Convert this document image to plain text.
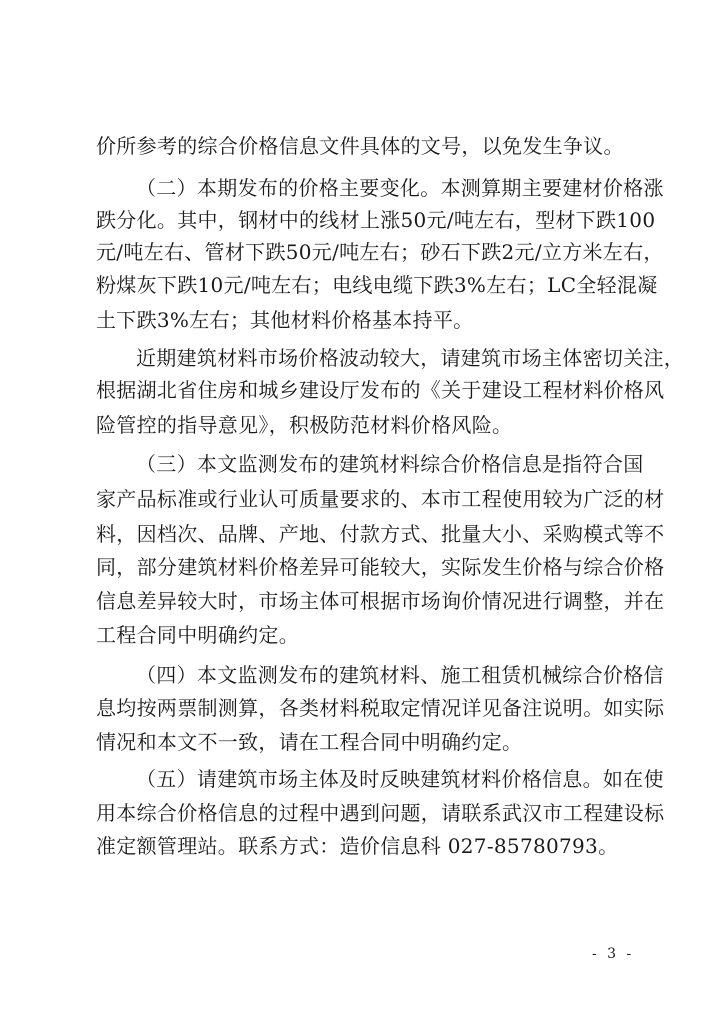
价所参考的综合价格信息文件具体的文号，以免发生争议。
（二）本期发布的价格主要变化。本测算期主要建材价格涨
跌分化。其中，钢材中的线材上涨50元/吨左右，型材下跌100
元/吨左右、管材下跌50元/吨左右；砂石下跌2元/立方米左右，
粉煤灰下跌10元/吨左右；电线电缆下跌3%左右；LC全轻混凝
土下跌3%左右；其他材料价格基本持平。
近期建筑材料市场价格波动较大，请建筑市场主体密切关注，
根据湖北省住房和城乡建设厅发布的《关于建设工程材料价格风
险管控的指导意见》，积极防范材料价格风险。
（三）本文监测发布的建筑材料综合价格信息是指符合国
家产品标准或行业认可质量要求的、本市工程使用较为广泛的材
料，因档次、品牌、产地、付款方式、批量大小、采购模式等不
同，部分建筑材料价格差异可能较大，实际发生价格与综合价格
信息差异较大时，市场主体可根据市场询价情况进行调整，并在
工程合同中明确约定。
（四）本文监测发布的建筑材料、施工租赁机械综合价格信
息均按两票制测算，各类材料税取定情况详见备注说明。如实际
情况和本文不一致，请在工程合同中明确约定。
（五）请建筑市场主体及时反映建筑材料价格信息。如在使
用本综合价格信息的过程中遇到问题，请联系武汉市工程建设标
准定额管理站。联系方式：造价信息科 027-85780793。
- 3 -
